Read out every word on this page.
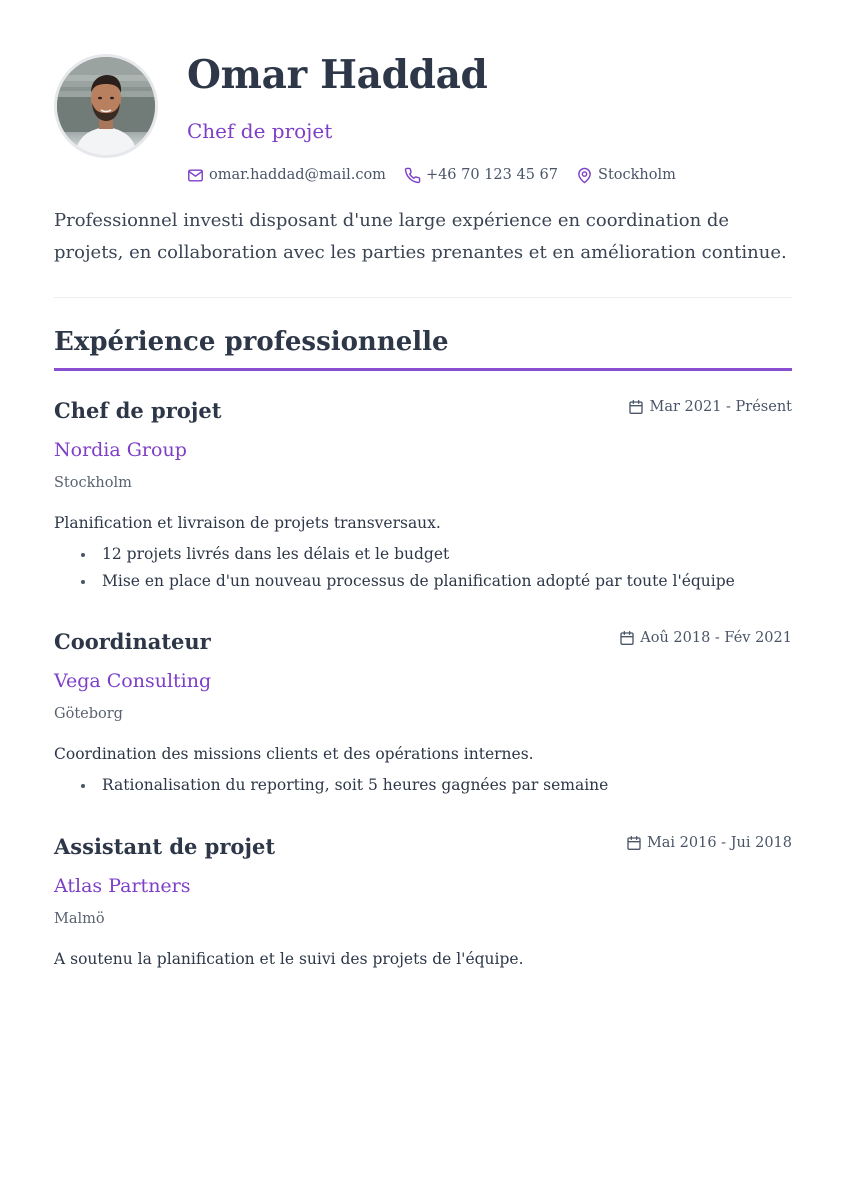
Omar Haddad

Chef de projet

omar.haddad@mail.com	+46 70 123 45 67	Stockholm

Professionnel investi disposant d'une large expérience en coordination de projets, en collaboration avec les parties prenantes et en amélioration continue.

Expérience professionnelle
Chef de projet	Mar 2021 - Présent

Nordia Group

Stockholm

Planification et livraison de projets transversaux.

12 projets livrés dans les délais et le budget
Mise en place d'un nouveau processus de planification adopté par toute l'équipe
Coordinateur	Aoû 2018 - Fév 2021

Vega Consulting

Göteborg

Coordination des missions clients et des opérations internes.

Rationalisation du reporting, soit 5 heures gagnées par semaine
Assistant de projet	Mai 2016 - Jui 2018

Atlas Partners

Malmö

A soutenu la planification et le suivi des projets de l'équipe.
